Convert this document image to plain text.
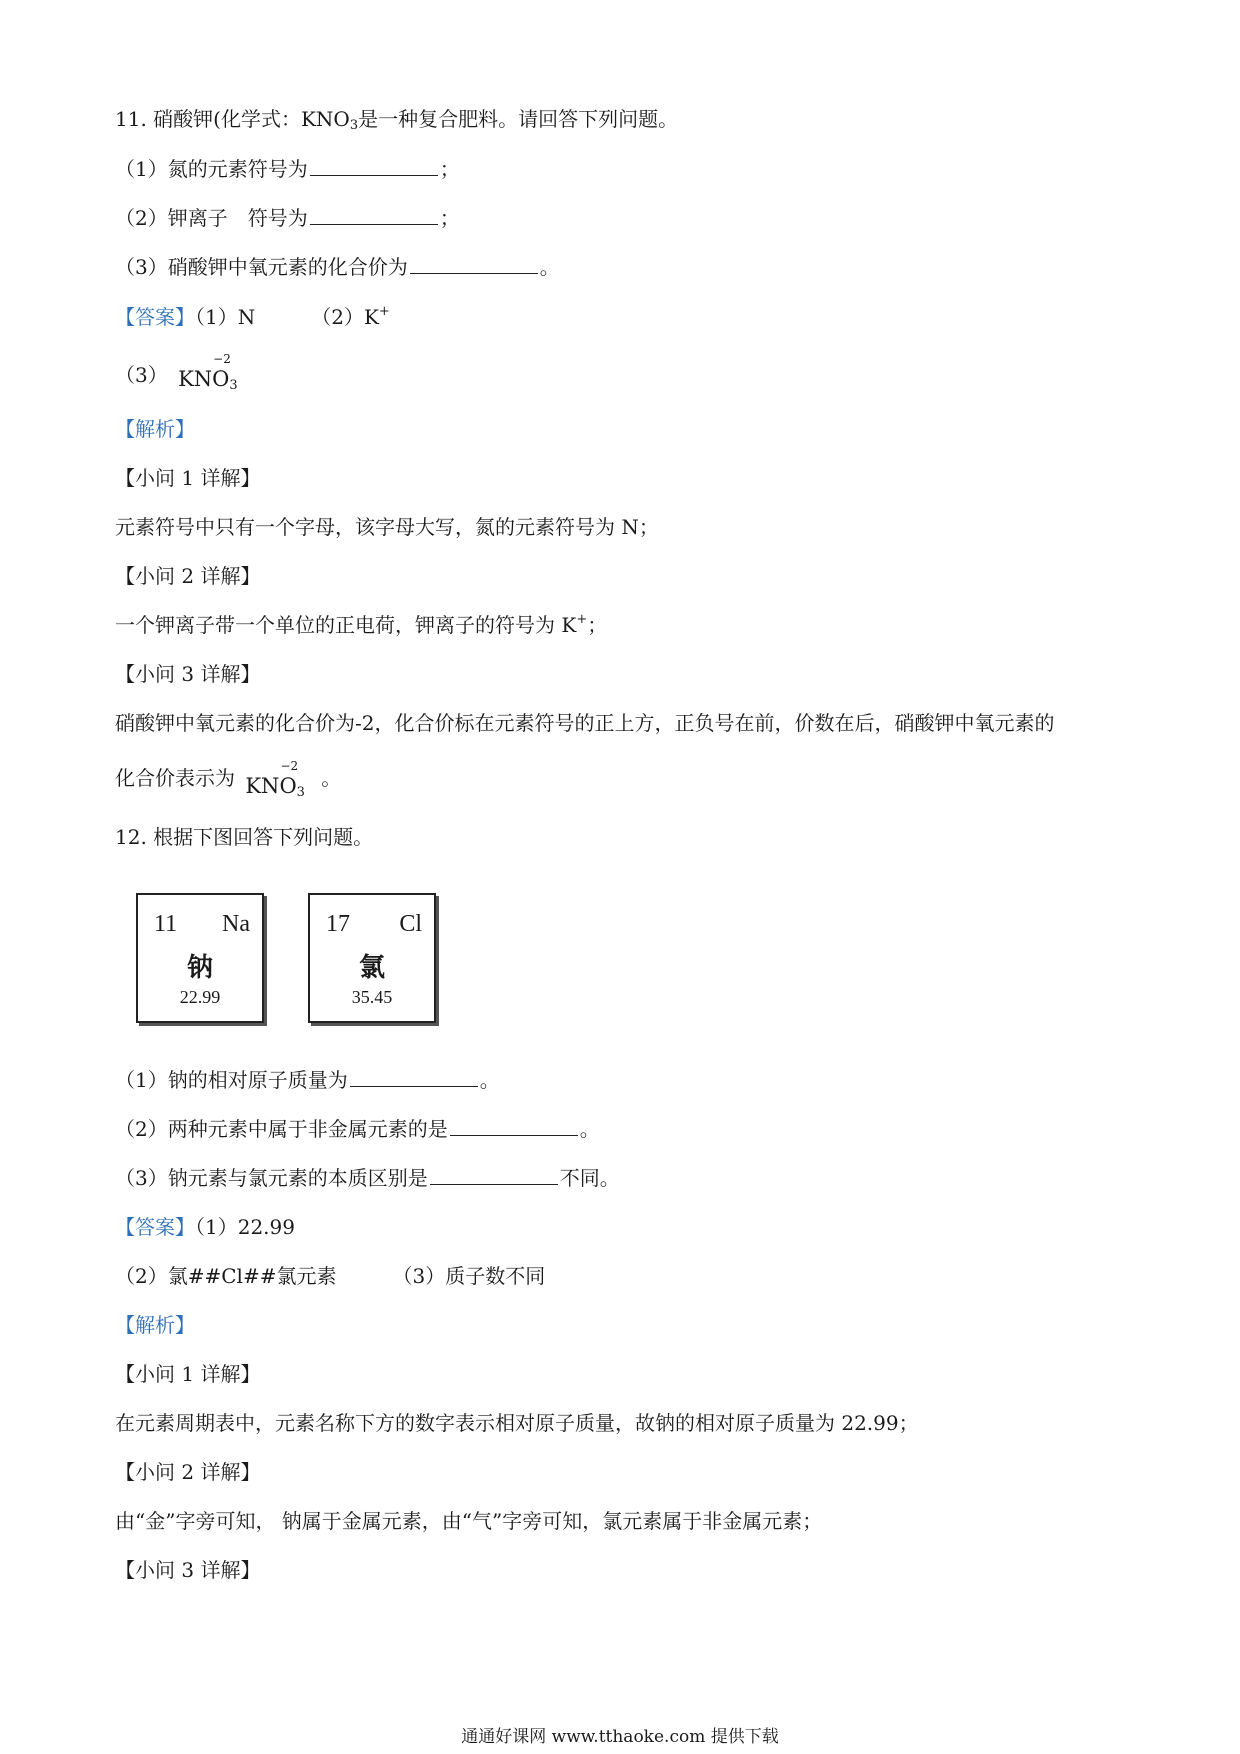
11. 硝酸钾(化学式：$KNO_3$是一种复合肥料。请回答下列问题。
（1）氮的元素符号为	；
（2）钾离子　符号为	；
（3）硝酸钾中氧元素的化合价为	。
【答案】（1）N	（2）K+
（3） KN
−2
$O_3$
【解析】
【小问 1 详解】
元素符号中只有一个字母，该字母大写，氮的元素符号为 N；
【小问 2 详解】
一个钾离子带一个单位的正电荷，钾离子的符号为 K+；
【小问 3 详解】
硝酸钾中氧元素的化合价为-2，化合价标在元素符号的正上方，正负号在前，价数在后，硝酸钾中氧元素的
化合价表示为 KN
−2
$O_3$ 。
12. 根据下图回答下列问题。
11 Na
钠
22.99
17 Cl
氯
35.45
（1）钠的相对原子质量为	。
（2）两种元素中属于非金属元素的是	。
（3）钠元素与氯元素的本质区别是	不同。
【答案】（1）22.99
（2）氯##Cl##氯元素	（3）质子数不同
【解析】
【小问 1 详解】
在元素周期表中，元素名称下方的数字表示相对原子质量，故钠的相对原子质量为 22.99；
【小问 2 详解】
由“金”字旁可知， 钠属于金属元素，由“气”字旁可知，氯元素属于非金属元素；
【小问 3 详解】
通通好课网 www.tthaoke.com 提供下载
